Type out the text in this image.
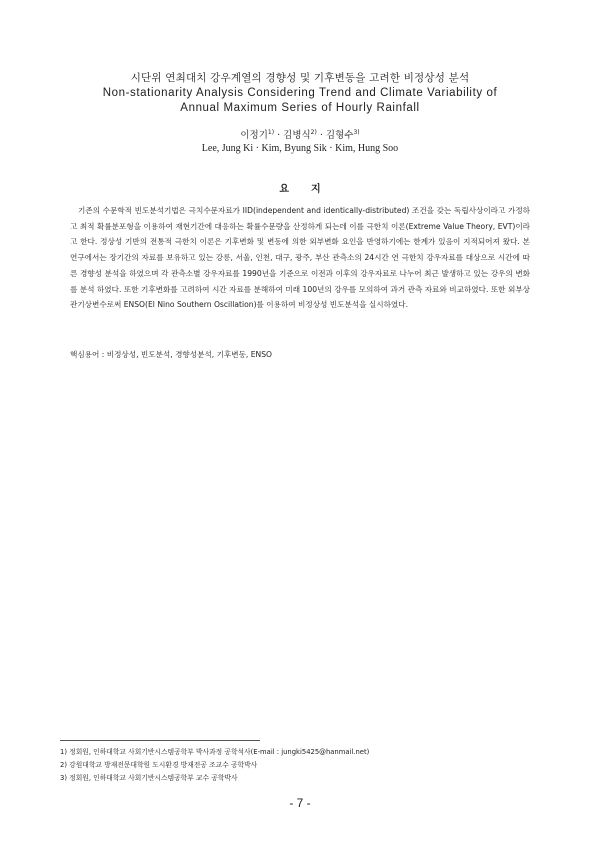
시단위 연최대치 강우계열의 경향성 및 기후변동을 고려한 비정상성 분석
Non-stationarity Analysis Considering Trend and Climate Variability of
Annual Maximum Series of Hourly Rainfall
이정기$^{1)}$ · 김병식$^{2)}$ · 김형수$^{3)}$
Lee, Jung Ki · Kim, Byung Sik · Kim, Hung Soo
요지

기존의 수문학적 빈도분석기법은 극치수문자료가 IID(independent and identically-distributed) 조건을 갖는 독립사상이라고 가정하고 최적 확률분포형을 이용하여 재현기간에 대응하는 확률수문량을 산정하게 되는데 이를 극한치 이론(Extreme Value Theory, EVT)이라고 한다. 정상성 기반의 전통적 극한치 이론은 기후변화 및 변동에 의한 외부변화 요인을 반영하기에는 한계가 있음이 지적되어져 왔다. 본 연구에서는 장기간의 자료를 보유하고 있는 강릉, 서울, 인천, 대구, 광주, 부산 관측소의 24시간 연 극한치 강우자료를 대상으로 시간에 따른 경향성 분석을 하였으며 각 관측소별 강우자료를 1990년을 기준으로 이전과 이후의 강우자료로 나누어 최근 발생하고 있는 강우의 변화를 분석 하였다. 또한 기후변화를 고려하여 시간 자료를 분해하여 미래 100년의 강우를 모의하여 과거 관측 자료와 비교하였다. 또한 외부상관기상변수로써 ENSO(El Nino Southern Oscillation)를 이용하여 비정상성 빈도분석을 실시하였다.

핵심용어 : 비정상성, 빈도분석, 경향성분석, 기후변동, ENSO
1) 정회원, 인하대학교 사회기반시스템공학부 박사과정 공학석사(E-mail : jungki5425@hanmail.net)
2) 강원대학교 방재전문대학원 도시환경 방재전공 조교수 공학박사
3) 정회원, 인하대학교 사회기반시스템공학부 교수 공학박사
- 7 -
